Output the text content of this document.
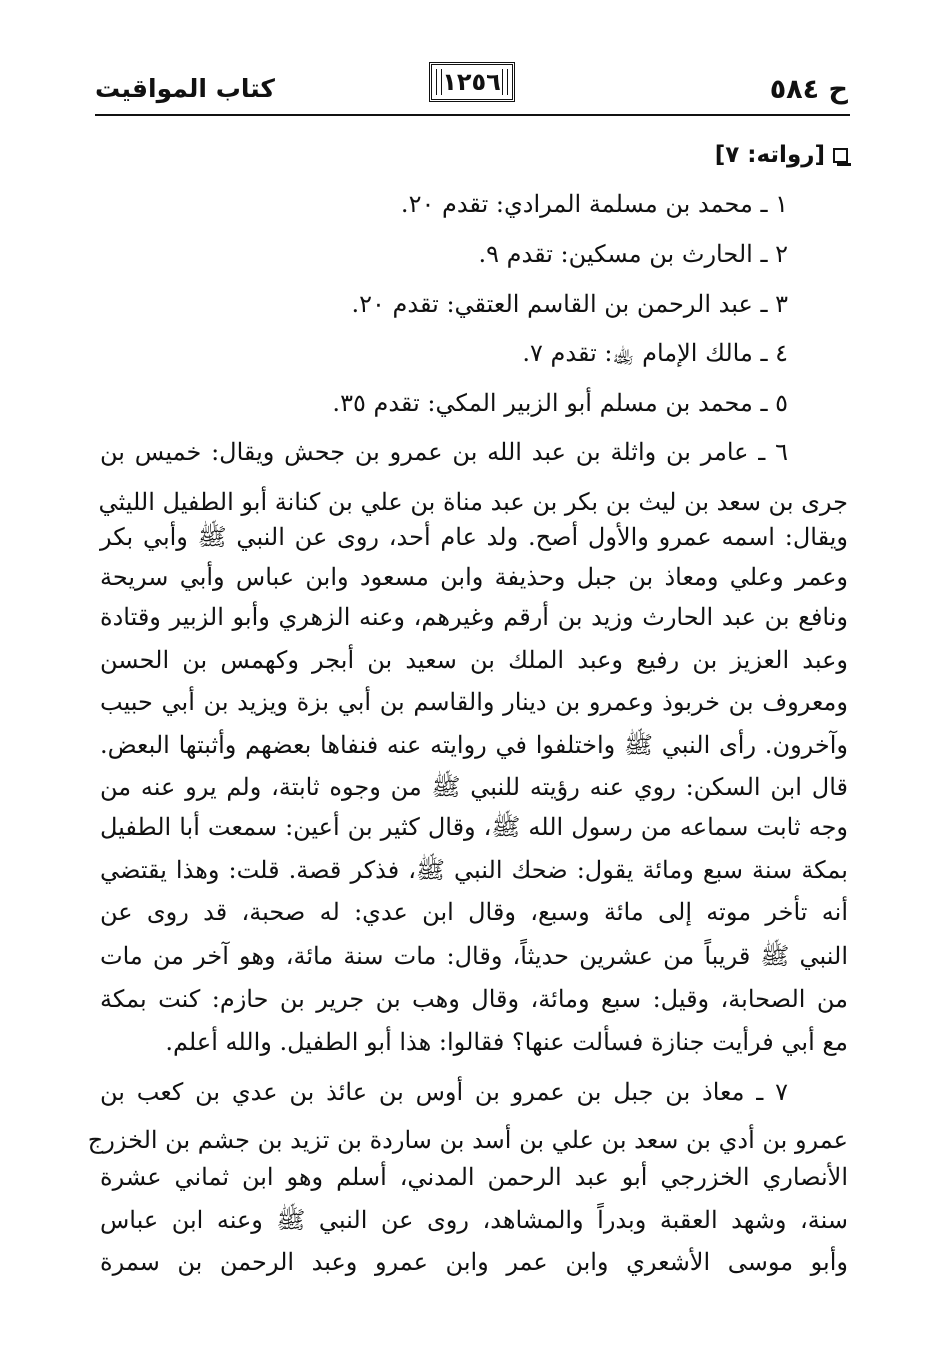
ح ٥٨٤
١٢٥٦
كتاب المواقيت
[رواته: ٧]
١ ـ محمد بن مسلمة المرادي: تقدم ٢٠.
٢ ـ الحارث بن مسكين: تقدم ٩.
٣ ـ عبد الرحمن بن القاسم العتقي: تقدم ٢٠.
٤ ـ مالك الإمام ﵀: تقدم ٧.
٥ ـ محمد بن مسلم أبو الزبير المكي: تقدم ٣٥.
٦ ـ عامر بن واثلة بن عبد الله بن عمرو بن جحش ويقال: خميس بن
جرى بن سعد بن ليث بن بكر بن عبد مناة بن علي بن كنانة أبو الطفيل الليثي
ويقال: اسمه عمرو والأول أصح. ولد عام أحد، روى عن النبي ﷺ وأبي بكر
وعمر وعلي ومعاذ بن جبل وحذيفة وابن مسعود وابن عباس وأبي سريحة
ونافع بن عبد الحارث وزيد بن أرقم وغيرهم، وعنه الزهري وأبو الزبير وقتادة
وعبد العزيز بن رفيع وعبد الملك بن سعيد بن أبجر وكهمس بن الحسن
ومعروف بن خربوذ وعمرو بن دينار والقاسم بن أبي بزة ويزيد بن أبي حبيب
وآخرون. رأى النبي ﷺ واختلفوا في روايته عنه فنفاها بعضهم وأثبتها البعض.
قال ابن السكن: روي عنه رؤيته للنبي ﷺ من وجوه ثابتة، ولم يرو عنه من
وجه ثابت سماعه من رسول الله ﷺ، وقال كثير بن أعين: سمعت أبا الطفيل
بمكة سنة سبع ومائة يقول: ضحك النبي ﷺ، فذكر قصة. قلت: وهذا يقتضي
أنه تأخر موته إلى مائة وسبع، وقال ابن عدي: له صحبة، قد روى عن
النبي ﷺ قريباً من عشرين حديثاً، وقال: مات سنة مائة، وهو آخر من مات
من الصحابة، وقيل: سبع ومائة، وقال وهب بن جرير بن حازم: كنت بمكة
مع أبي فرأيت جنازة فسألت عنها؟ فقالوا: هذا أبو الطفيل. والله أعلم.
٧ ـ معاذ بن جبل بن عمرو بن أوس بن عائذ بن عدي بن كعب بن
عمرو بن أدي بن سعد بن علي بن أسد بن ساردة بن تزيد بن جشم بن الخزرج
الأنصاري الخزرجي أبو عبد الرحمن المدني، أسلم وهو ابن ثماني عشرة
سنة، وشهد العقبة وبدراً والمشاهد، روى عن النبي ﷺ وعنه ابن عباس
وأبو موسى الأشعري وابن عمر وابن عمرو وعبد الرحمن بن سمرة
